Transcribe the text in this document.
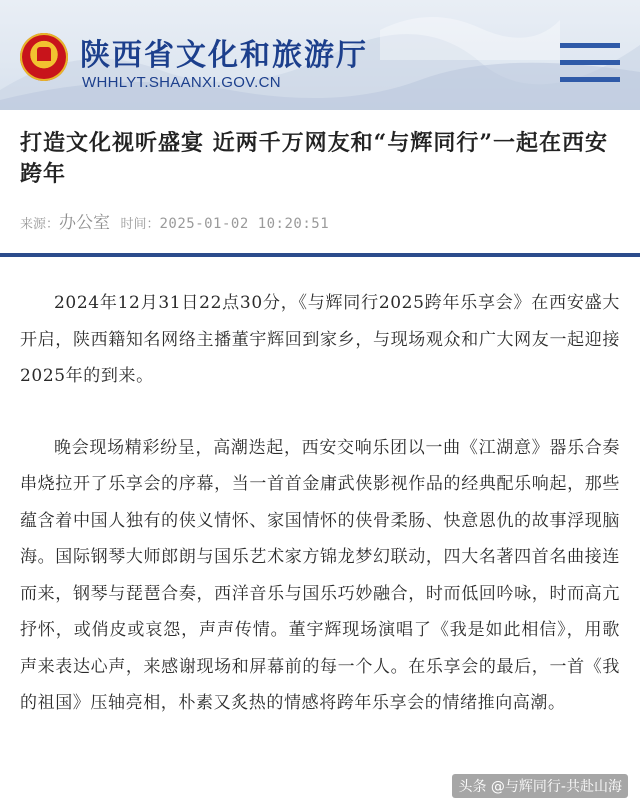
陕西省文化和旅游厅
WHHLYT.SHAANXI.GOV.CN
打造文化视听盛宴 近两千万网友和“与辉同行”一起在西安跨年
来源：办公室 时间：2025-01-02 10:20:51

2024年12月31日22点30分，《与辉同行2025跨年乐享会》在西安盛大开启，陕西籍知名网络主播董宇辉回到家乡，与现场观众和广大网友一起迎接2025年的到来。

晚会现场精彩纷呈，高潮迭起，西安交响乐团以一曲《江湖意》器乐合奏串烧拉开了乐享会的序幕，当一首首金庸武侠影视作品的经典配乐响起，那些蕴含着中国人独有的侠义情怀、家国情怀的侠骨柔肠、快意恩仇的故事浮现脑海。国际钢琴大师郎朗与国乐艺术家方锦龙梦幻联动，四大名著四首名曲接连而来，钢琴与琵琶合奏，西洋音乐与国乐巧妙融合，时而低回吟咏，时而高亢抒怀，或俏皮或哀怨，声声传情。董宇辉现场演唱了《我是如此相信》，用歌声来表达心声，来感谢现场和屏幕前的每一个人。在乐享会的最后，一首《我的祖国》压轴亮相，朴素又炙热的情感将跨年乐享会的情绪推向高潮。

头条 @与辉同行-共赴山海
